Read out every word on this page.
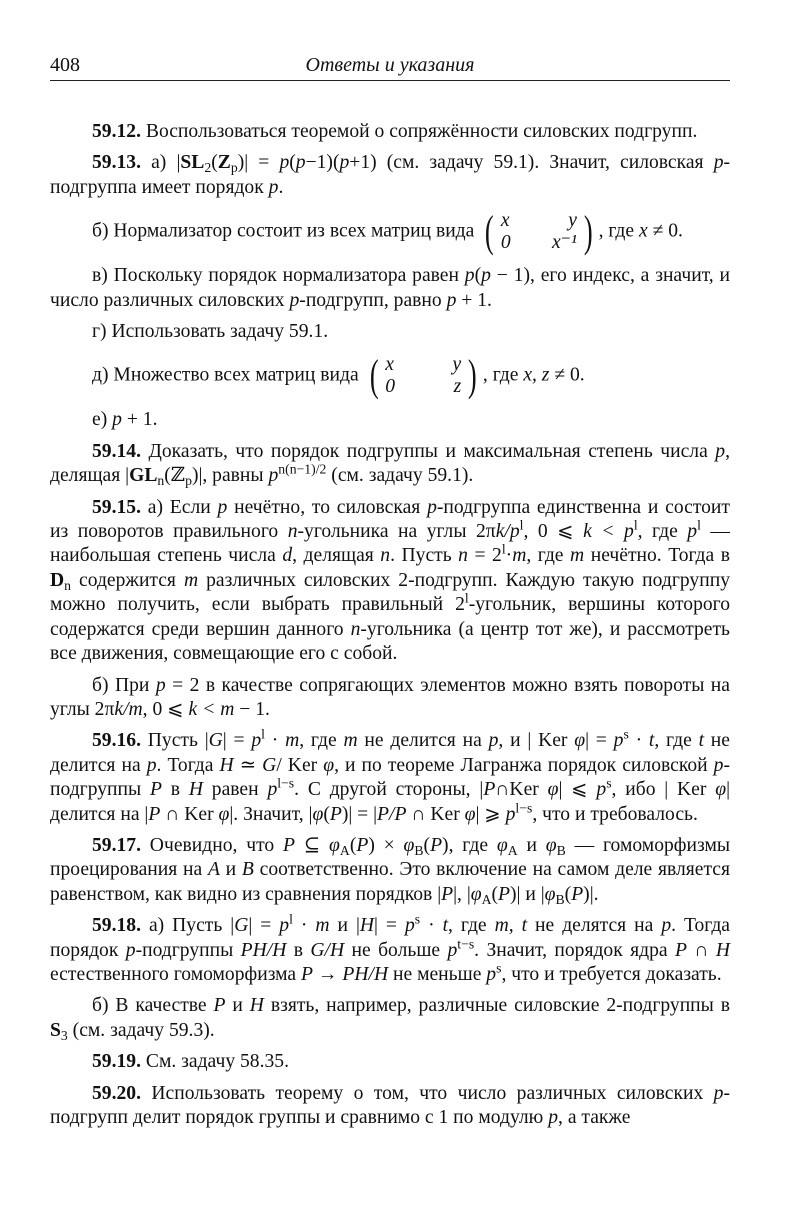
408	Ответы и указания

59.12. Воспользоваться теоремой о сопряжённости силовских подгрупп.

59.13. а) $|SL_2(Z_p)| = p(p-1)(p+1)$ (см. задачу 59.1). Значит, силовская p-подгруппа имеет порядок p.

б) Нормализатор состоит из всех матриц вида ( x	y
0	x⁻¹ ) , где x ≠ 0.

в) Поскольку порядок нормализатора равен p(p − 1), его индекс, а значит, и число различных силовских p-подгрупп, равно p + 1.

г) Использовать задачу 59.1.

д) Множество всех матриц вида ( x	y
0	z ) , где x, z ≠ 0.

е) p + 1.

59.14. Доказать, что порядок подгруппы и максимальная степень числа p, делящая $|GL_n(ℤ_p)|$, равны $p^{n(n-1)/2}$ (см. задачу 59.1).

59.15. а) Если p нечётно, то силовская p-подгруппа единственна и состоит из поворотов правильного n-угольника на углы $2\pi k/p^l$, 0 ⩽ $k < p^l$, где $p^l$ — наибольшая степень числа d, делящая n. Пусть $n = 2^l\cdot m$, где m нечётно. Тогда в $D_n$ содержится m различных силовских 2-подгрупп. Каждую такую подгруппу можно получить, если выбрать правильный 2$^l$-угольник, вершины которого содержатся среди вершин данного n-угольника (а центр тот же), и рассмотреть все движения, совмещающие его с собой.

б) При p = 2 в качестве сопрягающих элементов можно взять повороты на углы 2πk/m, 0 ⩽ k < m − 1.

59.16. Пусть $|G| = p^l \cdot m$, где m не делится на p, и | Ker $\varphi| = p^s \cdot t$, где t не делится на p. Тогда H ≃ G/ Ker φ, и по теореме Лагранжа порядок силовской p-подгруппы P в H равен $p^{l-s}$. С другой стороны, |P∩Ker φ| ⩽ $p^s$, ибо | Ker φ| делится на |P ∩ Ker φ|. Значит, |φ(P)| = |P/P ∩ Ker φ| ⩾ $p^{l-s}$, что и требовалось.

59.17. Очевидно, что P ⊆ $\varphi_A(P) \times \varphi_B(P)$, где $\varphi_A$ и $\varphi_B$ — гомоморфизмы проецирования на A и B соответственно. Это включение на самом деле является равенством, как видно из сравнения порядков |P|, $|\varphi_A(P)|$ и $|\varphi_B(P)|$.

59.18. а) Пусть $|G| = p^l \cdot m$ и $|H| = p^s \cdot t$, где m, t не делятся на p. Тогда порядок p-подгруппы PH/H в G/H не больше $p^{t-s}$. Значит, порядок ядра P ∩ H естественного гомоморфизма P → PH/H не меньше $p^s$, что и требуется доказать.

б) В качестве P и H взять, например, различные силовские 2-подгруппы в $S_3$ (см. задачу 59.3).

59.19. См. задачу 58.35.

59.20. Использовать теорему о том, что число различных силовских p-подгрупп делит порядок группы и сравнимо с 1 по модулю p, а также
